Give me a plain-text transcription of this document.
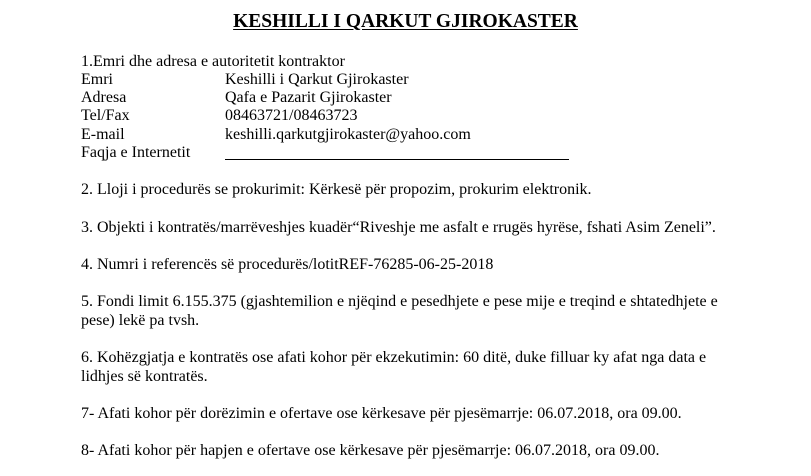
KESHILLI I QARKUT GJIROKASTER
1.Emri dhe adresa e autoritetit kontraktor
Emri	Keshilli i Qarkut Gjirokaster
Adresa	Qafa e Pazarit Gjirokaster
Tel/Fax	08463721/08463723
E-mail	keshilli.qarkutgjirokaster@yahoo.com
Faqja e Internetit
2. Lloji i procedurës se prokurimit: Kërkesë për propozim, prokurim elektronik.
3. Objekti i kontratës/marrëveshjes kuadër“Riveshje me asfalt e rrugës hyrëse, fshati Asim Zeneli”.
4. Numri i referencës së procedurës/lotitREF-76285-06-25-2018
5. Fondi limit 6.155.375 (gjashtemilion e njëqind e pesedhjete e pese mije e treqind e shtatedhjete e pese) lekë pa tvsh.
6. Kohëzgjatja e kontratës ose afati kohor për ekzekutimin: 60 ditë, duke filluar ky afat nga data e lidhjes së kontratës.
7- Afati kohor për dorëzimin e ofertave ose kërkesave për pjesëmarrje: 06.07.2018, ora 09.00.
8- Afati kohor për hapjen e ofertave ose kërkesave për pjesëmarrje: 06.07.2018, ora 09.00.
